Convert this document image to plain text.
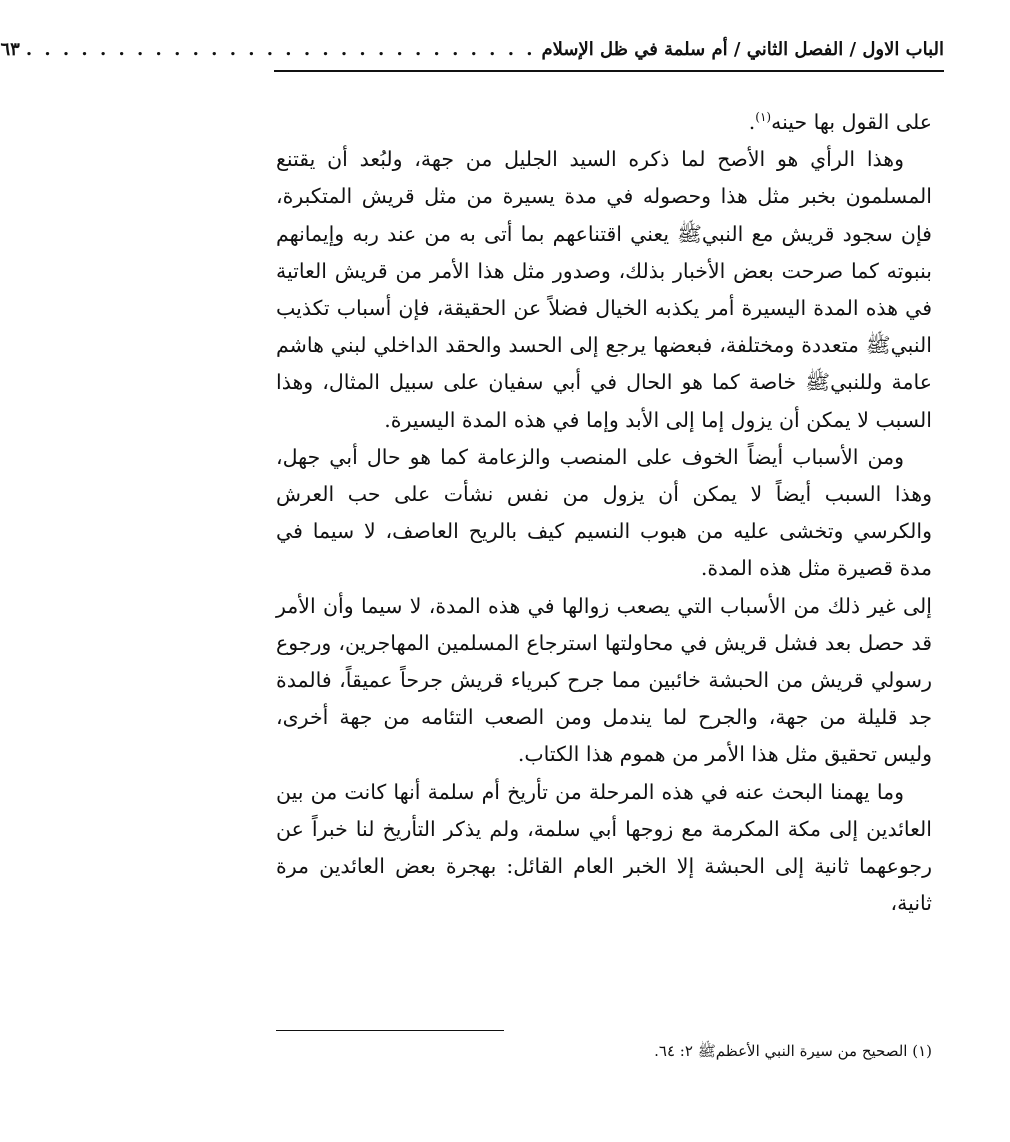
الباب الاول / الفصل الثاني / أم سلمة في ظل الإسلام
. . . . . . . . . . . . . . . . . . . . . . . . . . . .
٦٣

على القول بها حينه$^{(١)}$.

وهذا الرأي هو الأصح لما ذكره السيد الجليل من جهة، ولبُعد أن يقتنع المسلمون بخبر مثل هذا وحصوله في مدة يسيرة من مثل قريش المتكبرة، فإن سجود قريش مع النبيﷺ يعني اقتناعهم بما أتى به من عند ربه وإيمانهم بنبوته كما صرحت بعض الأخبار بذلك، وصدور مثل هذا الأمر من قريش العاتية في هذه المدة اليسيرة أمر يكذبه الخيال فضلاً عن الحقيقة، فإن أسباب تكذيب النبيﷺ متعددة ومختلفة، فبعضها يرجع إلى الحسد والحقد الداخلي لبني هاشم عامة وللنبيﷺ خاصة كما هو الحال في أبي سفيان على سبيل المثال، وهذا السبب لا يمكن أن يزول إما إلى الأبد وإما في هذه المدة اليسيرة.

ومن الأسباب أيضاً الخوف على المنصب والزعامة كما هو حال أبي جهل، وهذا السبب أيضاً لا يمكن أن يزول من نفس نشأت على حب العرش والكرسي وتخشى عليه من هبوب النسيم كيف بالريح العاصف، لا سيما في مدة قصيرة مثل هذه المدة.

إلى غير ذلك من الأسباب التي يصعب زوالها في هذه المدة، لا سيما وأن الأمر قد حصل بعد فشل قريش في محاولتها استرجاع المسلمين المهاجرين، ورجوع رسولي قريش من الحبشة خائبين مما جرح كبرياء قريش جرحاً عميقاً، فالمدة جد قليلة من جهة، والجرح لما يندمل ومن الصعب التئامه من جهة أخرى، وليس تحقيق مثل هذا الأمر من هموم هذا الكتاب.

وما يهمنا البحث عنه في هذه المرحلة من تأريخ أم سلمة أنها كانت من بين العائدين إلى مكة المكرمة مع زوجها أبي سلمة، ولم يذكر التأريخ لنا خبراً عن رجوعهما ثانية إلى الحبشة إلا الخبر العام القائل: بهجرة بعض العائدين مرة ثانية،

(١) الصحيح من سيرة النبي الأعظمﷺ ٢: ٦٤.
